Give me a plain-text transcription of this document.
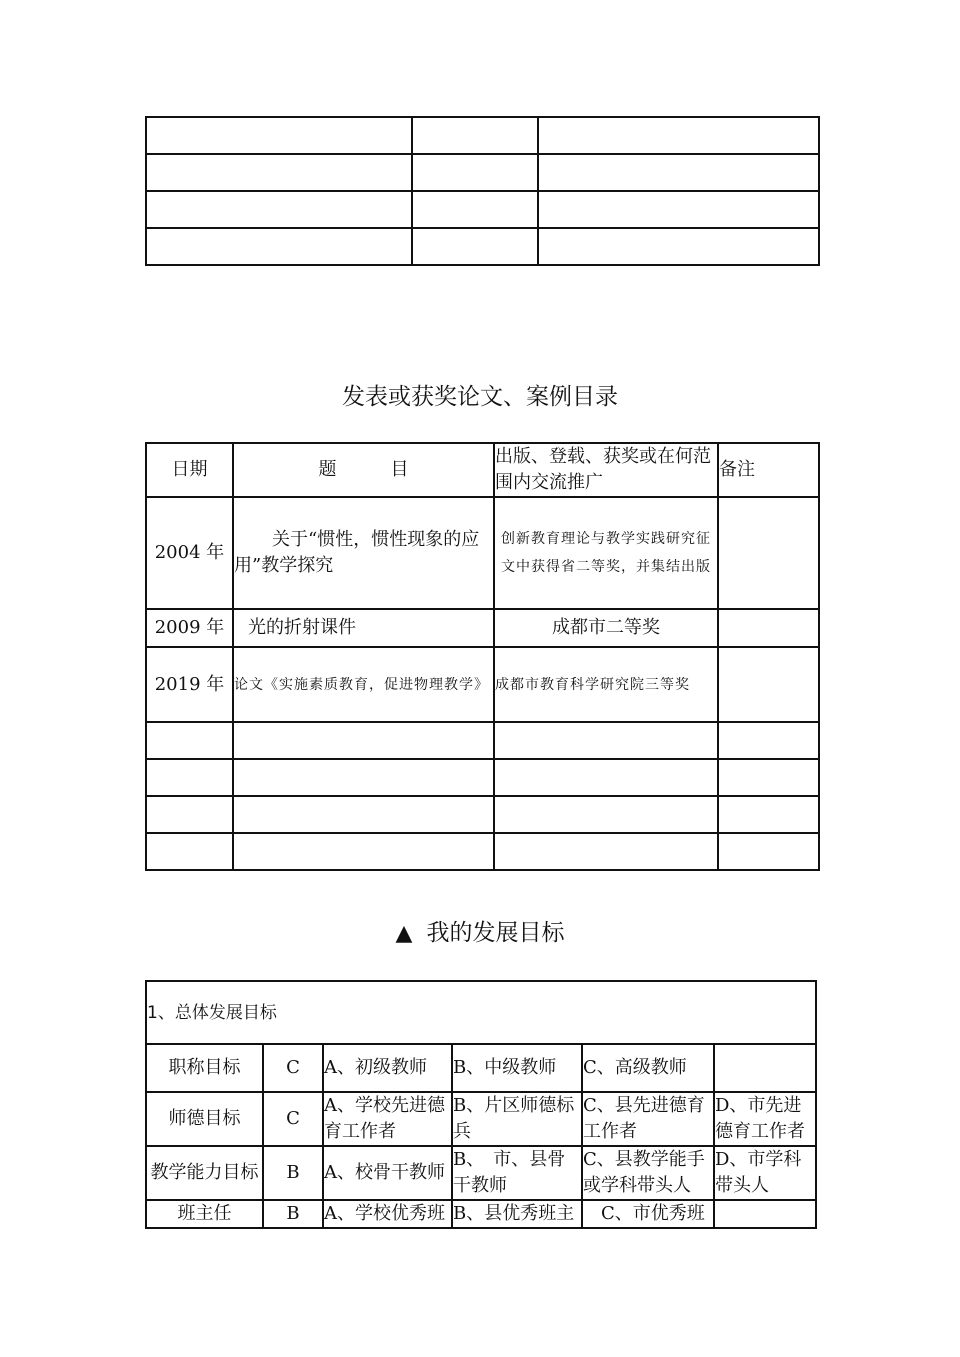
发表或获奖论文、案例目录
日期	题　　　目	出版、登载、获奖或在何范围内交流推广	备注
2004 年	关于“惯性，惯性现象的应用”教学探究	创新教育理论与教学实践研究征文中获得省二等奖，并集结出版	
2009 年	光的折射课件	成都市二等奖	
2019 年	论文《实施素质教育，促进物理教学》	成都市教育科学研究院三等奖	

▲ 我的发展目标
1、总体发展目标					
职称目标	C	A、初级教师	B、中级教师	C、高级教师	
师德目标	C	A、学校先进德育工作者	B、片区师德标兵	C、县先进德育工作者	D、市先进德育工作者
教学能力目标	B	A、校骨干教师	B、　市、县骨干教师	C、县教学能手或学科带头人	D、市学科带头人
班主任	B	A、学校优秀班	B、县优秀班主	　C、市优秀班	
